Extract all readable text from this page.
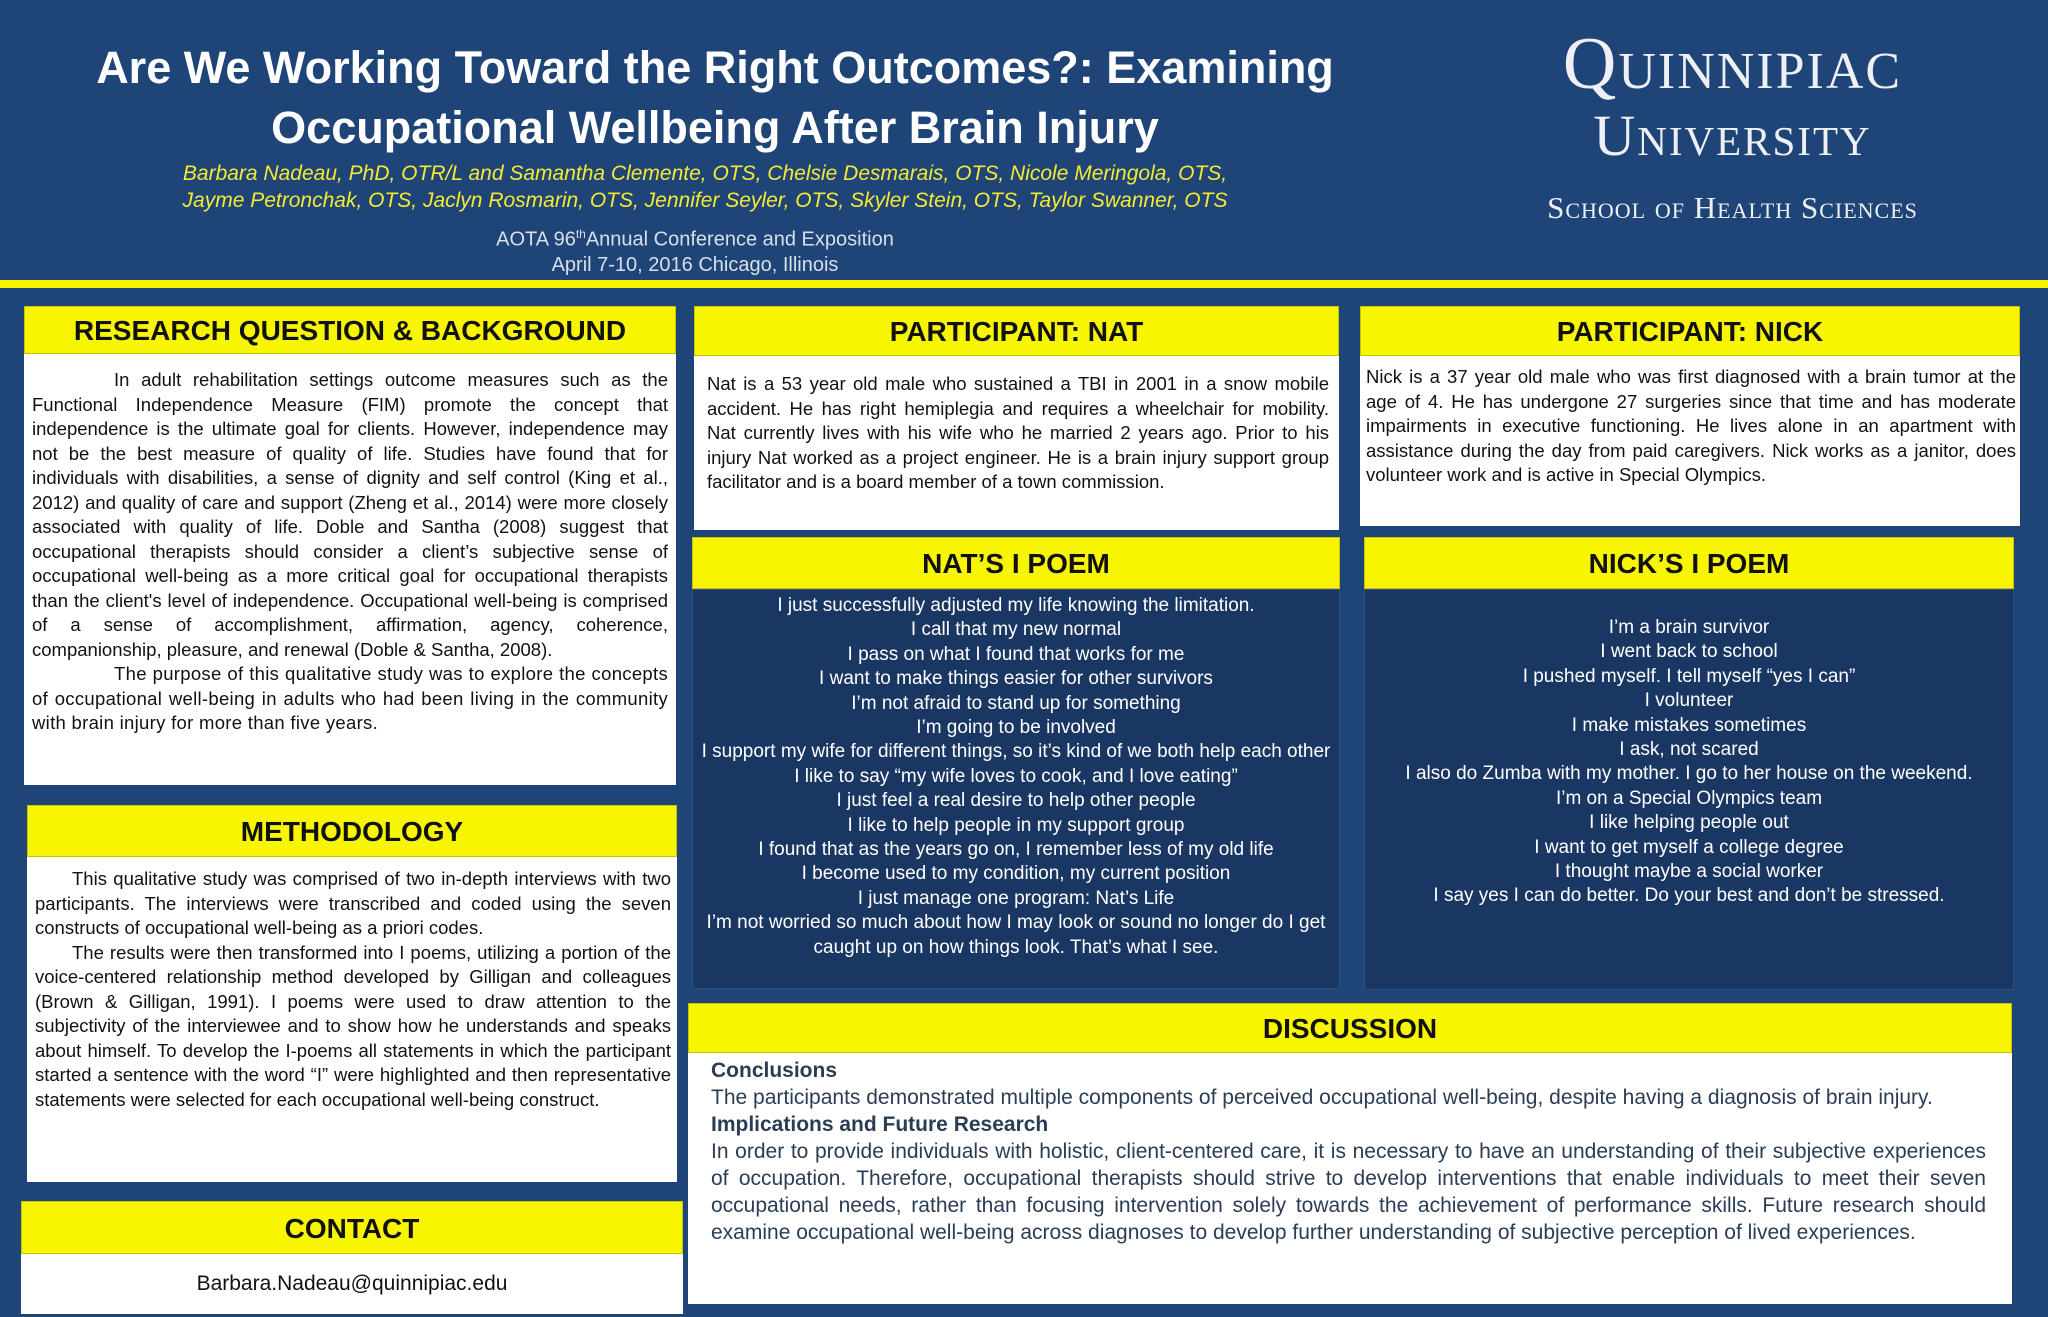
Are We Working Toward the Right Outcomes?: Examining Occupational Wellbeing After Brain Injury
Barbara Nadeau, PhD, OTR/L and Samantha Clemente, OTS, Chelsie Desmarais, OTS, Nicole Meringola, OTS,
Jayme Petronchak, OTS, Jaclyn Rosmarin, OTS, Jennifer Seyler, OTS, Skyler Stein, OTS, Taylor Swanner, OTS
AOTA 96thAnnual Conference and Exposition
April 7-10, 2016 Chicago, Illinois
Quinnipiac
University
School of Health Sciences
RESEARCH QUESTION & BACKGROUND
In adult rehabilitation settings outcome measures such as the Functional Independence Measure (FIM) promote the concept that independence is the ultimate goal for clients. However, independence may not be the best measure of quality of life. Studies have found that for individuals with disabilities, a sense of dignity and self control (King et al., 2012) and quality of care and support (Zheng et al., 2014) were more closely associated with quality of life. Doble and Santha (2008) suggest that occupational therapists should consider a client’s subjective sense of occupational well-being as a more critical goal for occupational therapists than the client's level of independence. Occupational well-being is comprised of a sense of accomplishment, affirmation, agency, coherence, companionship, pleasure, and renewal (Doble & Santha, 2008).
The purpose of this qualitative study was to explore the concepts of occupational well-being in adults who had been living in the community with brain injury for more than five years.
METHODOLOGY
This qualitative study was comprised of two in-depth interviews with two participants. The interviews were transcribed and coded using the seven constructs of occupational well-being as a priori codes.
The results were then transformed into I poems, utilizing a portion of the voice-centered relationship method developed by Gilligan and colleagues (Brown & Gilligan, 1991). I poems were used to draw attention to the subjectivity of the interviewee and to show how he understands and speaks about himself. To develop the I-poems all statements in which the participant started a sentence with the word “I” were highlighted and then representative statements were selected for each occupational well-being construct.
CONTACT
Barbara.Nadeau@quinnipiac.edu
PARTICIPANT: NAT
Nat is a 53 year old male who sustained a TBI in 2001 in a snow mobile accident. He has right hemiplegia and requires a wheelchair for mobility. Nat currently lives with his wife who he married 2 years ago. Prior to his injury Nat worked as a project engineer. He is a brain injury support group facilitator and is a board member of a town commission.
NAT’S I POEM
I just successfully adjusted my life knowing the limitation.
I call that my new normal
I pass on what I found that works for me
I want to make things easier for other survivors
I’m not afraid to stand up for something
I’m going to be involved
I support my wife for different things, so it’s kind of we both help each other
I like to say “my wife loves to cook, and I love eating”
I just feel a real desire to help other people
I like to help people in my support group
I found that as the years go on, I remember less of my old life
I become used to my condition, my current position
I just manage one program: Nat’s Life
I’m not worried so much about how I may look or sound no longer do I get caught up on how things look. That’s what I see.
PARTICIPANT: NICK
Nick is a 37 year old male who was first diagnosed with a brain tumor at the age of 4. He has undergone 27 surgeries since that time and has moderate impairments in executive functioning. He lives alone in an apartment with assistance during the day from paid caregivers. Nick works as a janitor, does volunteer work and is active in Special Olympics.
NICK’S I POEM
I’m a brain survivor
I went back to school
I pushed myself. I tell myself “yes I can”
I volunteer
I make mistakes sometimes
I ask, not scared
I also do Zumba with my mother. I go to her house on the weekend.
I’m on a Special Olympics team
I like helping people out
I want to get myself a college degree
I thought maybe a social worker
I say yes I can do better. Do your best and don’t be stressed.
DISCUSSION
Conclusions
The participants demonstrated multiple components of perceived occupational well-being, despite having a diagnosis of brain injury.
Implications and Future Research
In order to provide individuals with holistic, client-centered care, it is necessary to have an understanding of their subjective experiences of occupation. Therefore, occupational therapists should strive to develop interventions that enable individuals to meet their seven occupational needs, rather than focusing intervention solely towards the achievement of performance skills. Future research should examine occupational well-being across diagnoses to develop further understanding of subjective perception of lived experiences.
